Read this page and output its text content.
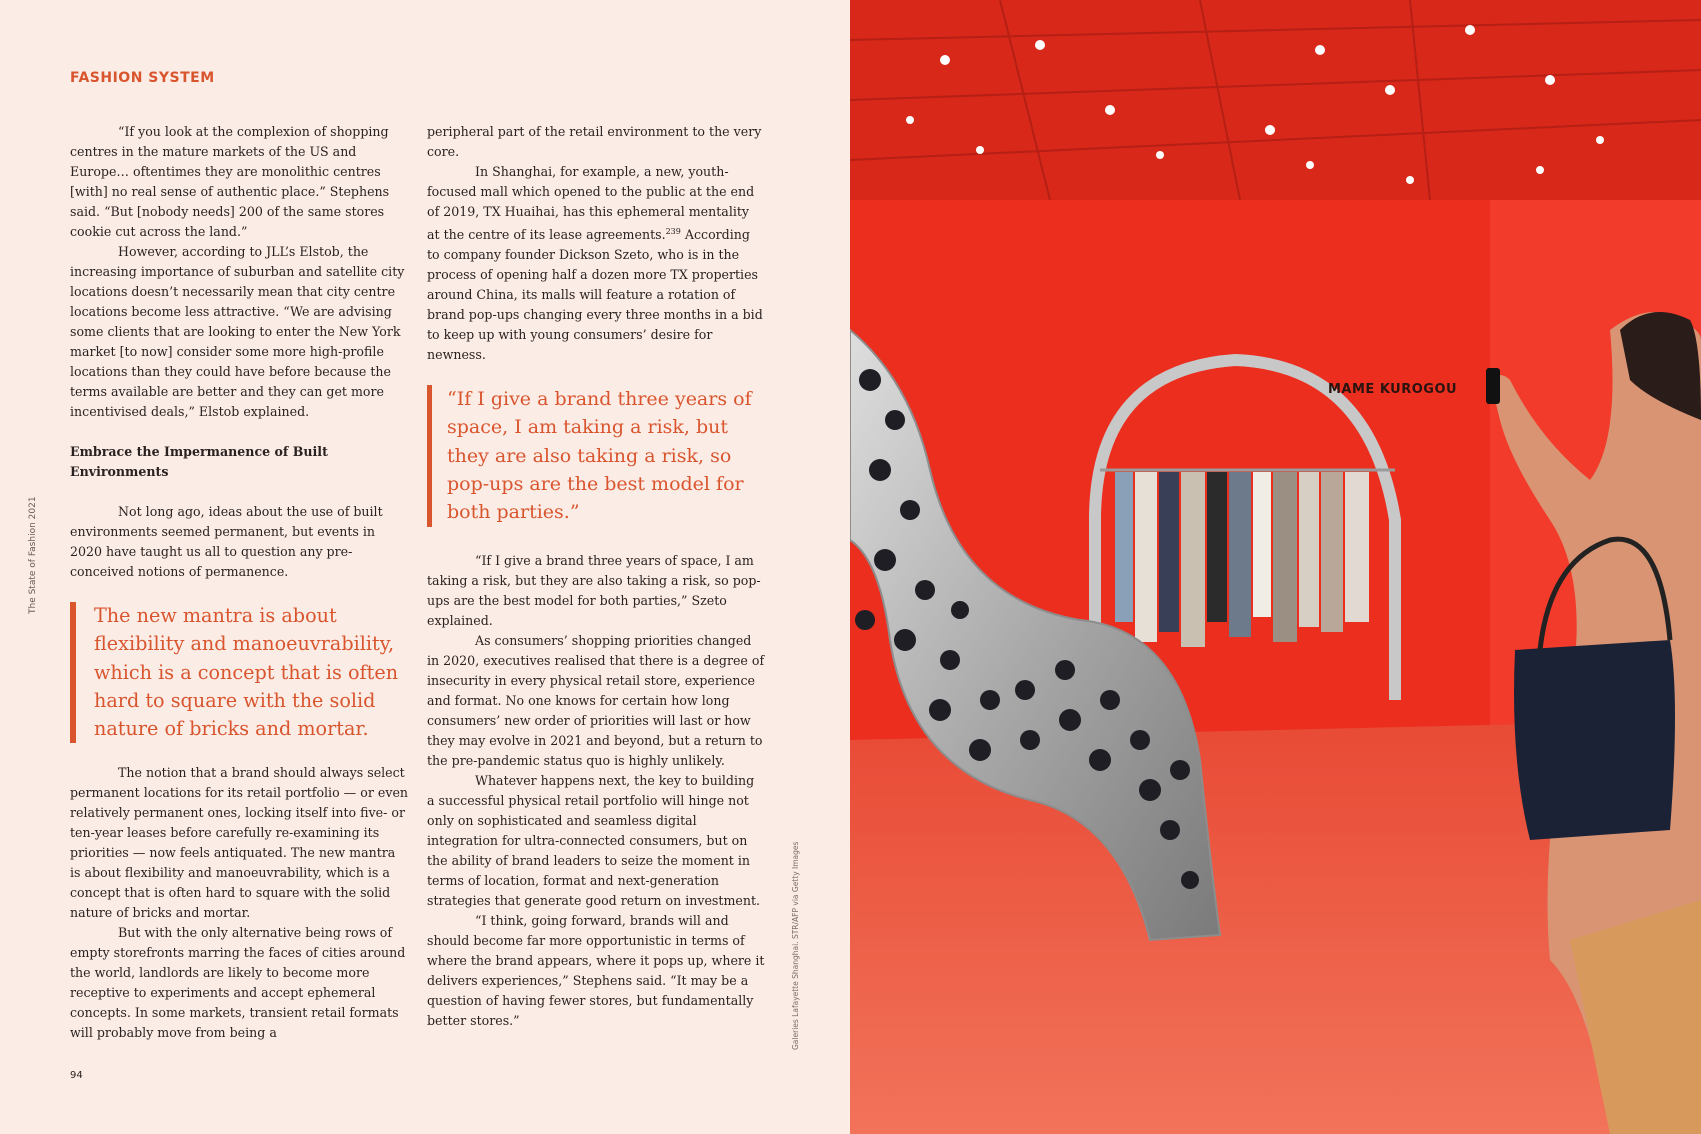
FASHION SYSTEM
The State of Fashion 2021

“If you look at the complexion of shopping centres in the mature markets of the US and Europe… oftentimes they are monolithic centres [with] no real sense of authentic place.” Stephens said. “But [nobody needs] 200 of the same stores cookie cut across the land.”

However, according to JLL’s Elstob, the increasing importance of suburban and satellite city locations doesn’t necessarily mean that city centre locations become less attractive. “We are advising some clients that are looking to enter the New York market [to now] consider some more high-profile locations than they could have before because the terms available are better and they can get more incentivised deals,” Elstob explained.

Embrace the Impermanence of Built Environments

Not long ago, ideas about the use of built environments seemed permanent, but events in 2020 have taught us all to question any pre-conceived notions of permanence.

The new mantra is about flexibility and manoeuvrability, which is a concept that is often hard to square with the solid nature of bricks and mortar.

The notion that a brand should always select permanent locations for its retail portfolio — or even relatively permanent ones, locking itself into five- or ten-year leases before carefully re-examining its priorities — now feels antiquated. The new mantra is about flexibility and manoeuvrability, which is a concept that is often hard to square with the solid nature of bricks and mortar.

But with the only alternative being rows of empty storefronts marring the faces of cities around the world, landlords are likely to become more receptive to experiments and accept ephemeral concepts. In some markets, transient retail formats will probably move from being a

peripheral part of the retail environment to the very core.

In Shanghai, for example, a new, youth-focused mall which opened to the public at the end of 2019, TX Huaihai, has this ephemeral mentality at the centre of its lease agreements.$^{239}$ According to company founder Dickson Szeto, who is in the process of opening half a dozen more TX properties around China, its malls will feature a rotation of brand pop-ups changing every three months in a bid to keep up with young consumers’ desire for newness.

“If I give a brand three years of space, I am taking a risk, but they are also taking a risk, so pop-ups are the best model for both parties.”

“If I give a brand three years of space, I am taking a risk, but they are also taking a risk, so pop-ups are the best model for both parties,” Szeto explained.

As consumers’ shopping priorities changed in 2020, executives realised that there is a degree of insecurity in every physical retail store, experience and format. No one knows for certain how long consumers’ new order of priorities will last or how they may evolve in 2021 and beyond, but a return to the pre-pandemic status quo is highly unlikely.

Whatever happens next, the key to building a successful physical retail portfolio will hinge not only on sophisticated and seamless digital integration for ultra-connected consumers, but on the ability of brand leaders to seize the moment in terms of location, format and next-generation strategies that generate good return on investment.

“I think, going forward, brands will and should become far more opportunistic in terms of where the brand appears, where it pops up, where it delivers experiences,” Stephens said. “It may be a question of having fewer stores, but fundamentally better stores.”	Galeries Lafayette Shanghai. STR/AFP via Getty Images
94
MAME KUROGOU
